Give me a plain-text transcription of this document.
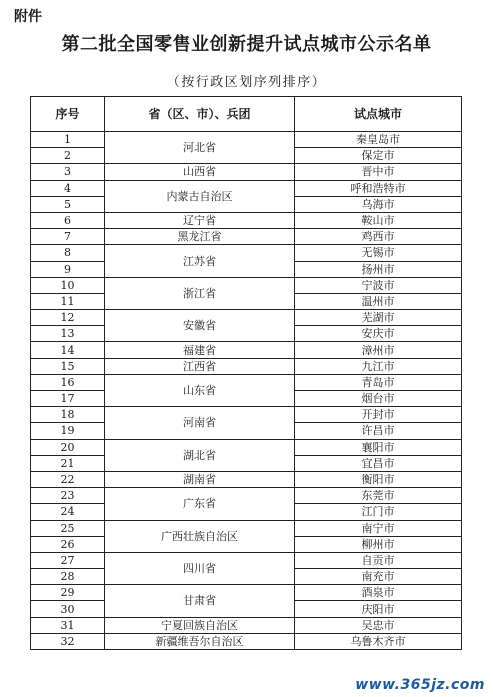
附件
第二批全国零售业创新提升试点城市公示名单
（按行政区划序列排序）
序号	省（区、市）、兵团	试点城市
1	河北省	秦皇岛市
2		保定市
3	山西省	晋中市
4	内蒙古自治区	呼和浩特市
5		乌海市
6	辽宁省	鞍山市
7	黑龙江省	鸡西市
8	江苏省	无锡市
9		扬州市
10	浙江省	宁波市
11		温州市
12	安徽省	芜湖市
13		安庆市
14	福建省	漳州市
15	江西省	九江市
16	山东省	青岛市
17		烟台市
18	河南省	开封市
19		许昌市
20	湖北省	襄阳市
21		宜昌市
22	湖南省	衡阳市
23	广东省	东莞市
24		江门市
25	广西壮族自治区	南宁市
26		柳州市
27	四川省	自贡市
28		南充市
29	甘肃省	酒泉市
30		庆阳市
31	宁夏回族自治区	吴忠市
32	新疆维吾尔自治区	乌鲁木齐市
www.365jz.com
